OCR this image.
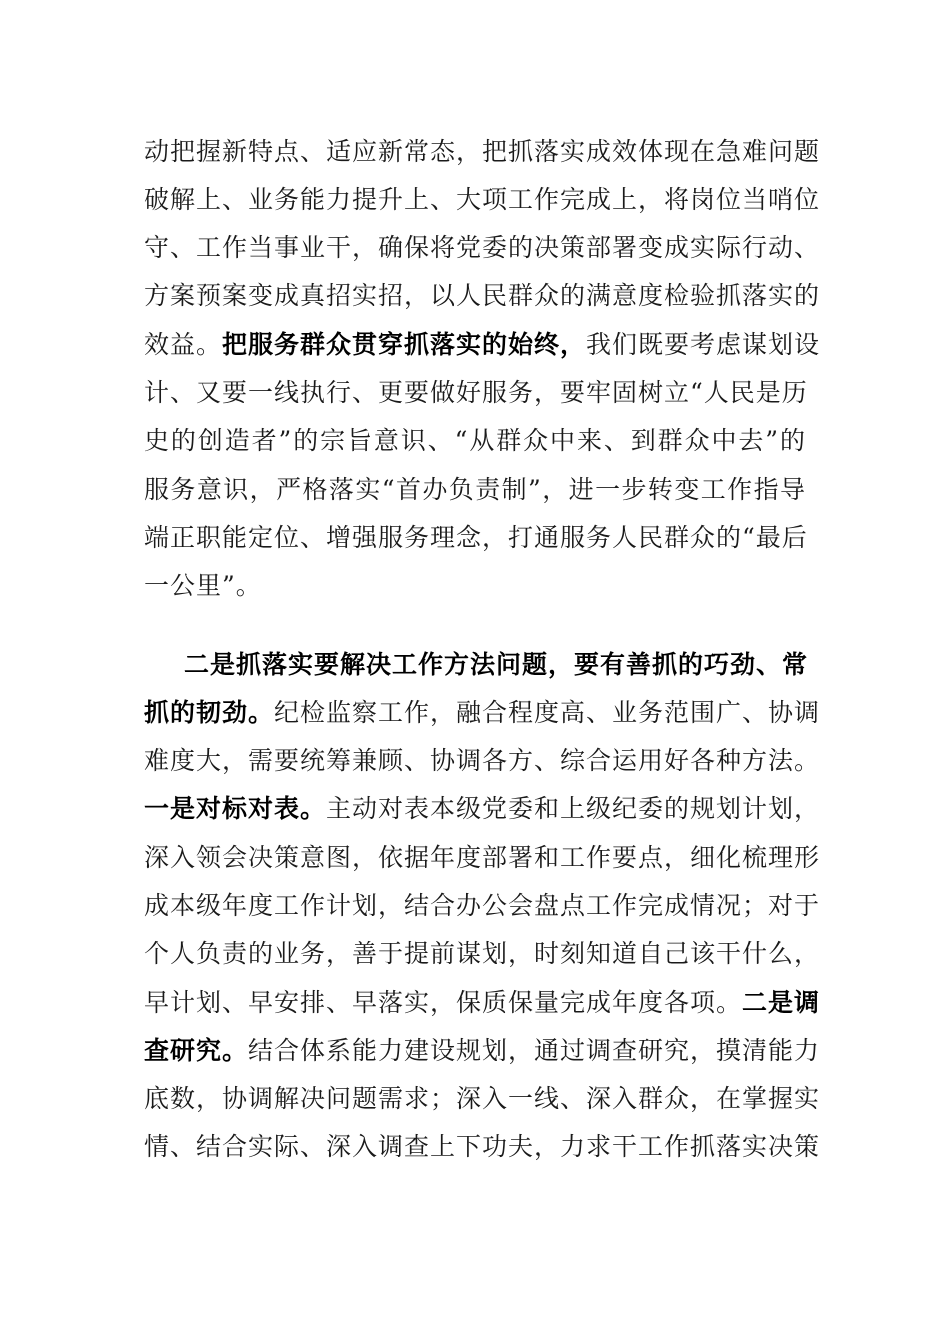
动把握新特点、适应新常态，把抓落实成效体现在急难问题
破解上、业务能力提升上、大项工作完成上，将岗位当哨位
守、工作当事业干，确保将党委的决策部署变成实际行动、
方案预案变成真招实招，以人民群众的满意度检验抓落实的
效益。把服务群众贯穿抓落实的始终，我们既要考虑谋划设
计、又要一线执行、更要做好服务，要牢固树立“人民是历
史的创造者”的宗旨意识、“从群众中来、到群众中去”的
服务意识，严格落实“首办负责制”，进一步转变工作指导
端正职能定位、增强服务理念，打通服务人民群众的“最后
一公里”。
二是抓落实要解决工作方法问题，要有善抓的巧劲、常
抓的韧劲。纪检监察工作，融合程度高、业务范围广、协调
难度大，需要统筹兼顾、协调各方、综合运用好各种方法。
一是对标对表。主动对表本级党委和上级纪委的规划计划，
深入领会决策意图，依据年度部署和工作要点，细化梳理形
成本级年度工作计划，结合办公会盘点工作完成情况；对于
个人负责的业务，善于提前谋划，时刻知道自己该干什么，
早计划、早安排、早落实，保质保量完成年度各项。二是调
查研究。结合体系能力建设规划，通过调查研究，摸清能力
底数，协调解决问题需求；深入一线、深入群众，在掌握实
情、结合实际、深入调查上下功夫，力求干工作抓落实决策
